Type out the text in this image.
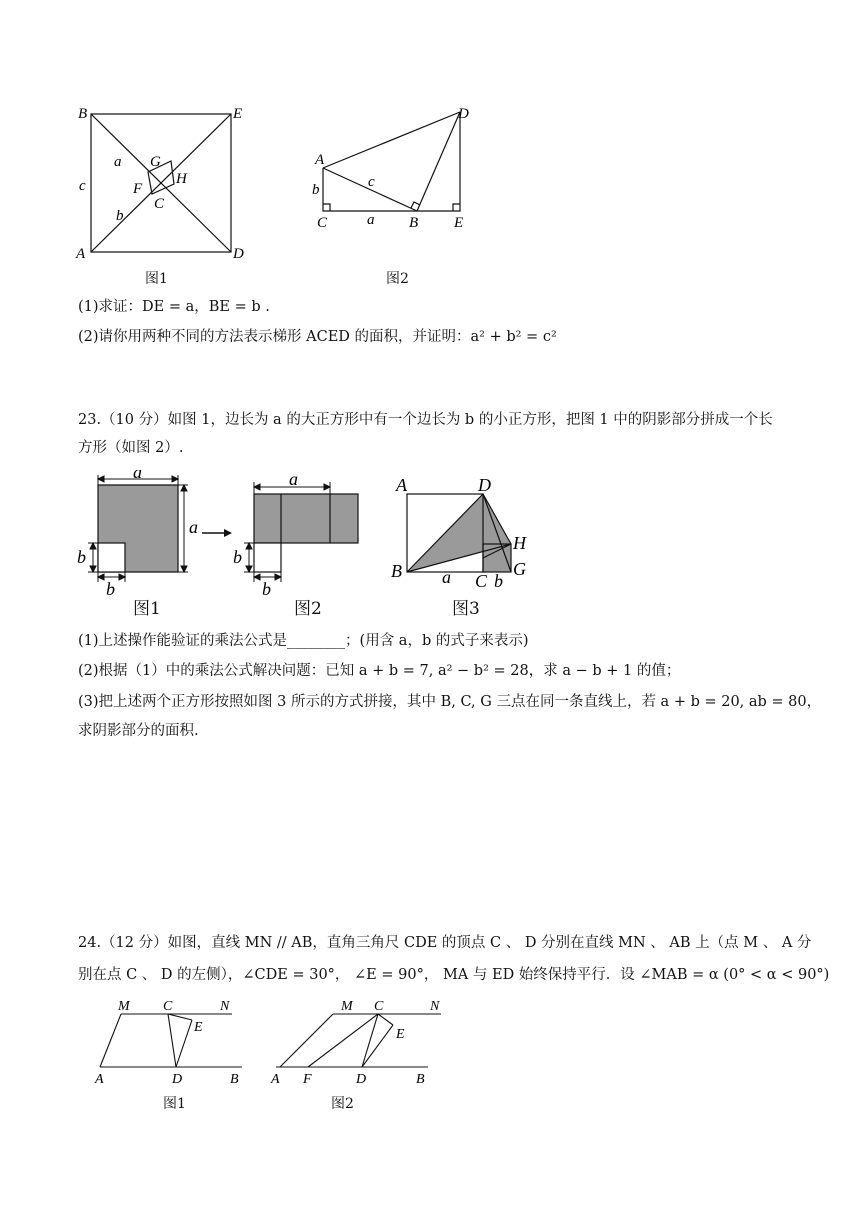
B	E
A	D
G
H
F
C
a
b
c
图1
A
D
B
C	E
a
b	c
图2
(1)求证：DE = a，BE = b .
(2)请你用两种不同的方法表示梯形 ACED 的面积，并证明：a² + b² = c²
23.（10 分）如图 1，边长为 a 的大正方形中有一个边长为 b 的小正方形，把图 1 中的阴影部分拼成一个长
方形（如图 2）.
a
a
b
b
图1
a
b
b
图2
A	D
H
B	C
G
a b
图3
(1)上述操作能验证的乘法公式是________；(用含 a，b 的式子来表示)
(2)根据（1）中的乘法公式解决问题：已知 a + b = 7, a² − b² = 28，求 a − b + 1 的值；
(3)把上述两个正方形按照如图 3 所示的方式拼接，其中 B, C, G 三点在同一条直线上，若 a + b = 20, ab = 80，
求阴影部分的面积.
24.（12 分）如图，直线 MN // AB，直角三角尺 CDE 的顶点 C 、 D 分别在直线 MN 、 AB 上（点 M 、 A 分
别在点 C 、 D 的左侧），∠CDE = 30°， ∠E = 90°， MA 与 ED 始终保持平行．设 ∠MAB = α (0° < α < 90°)
M C	N
E
A	D	B
图1
M C	N
E
A F	D	B
图2
